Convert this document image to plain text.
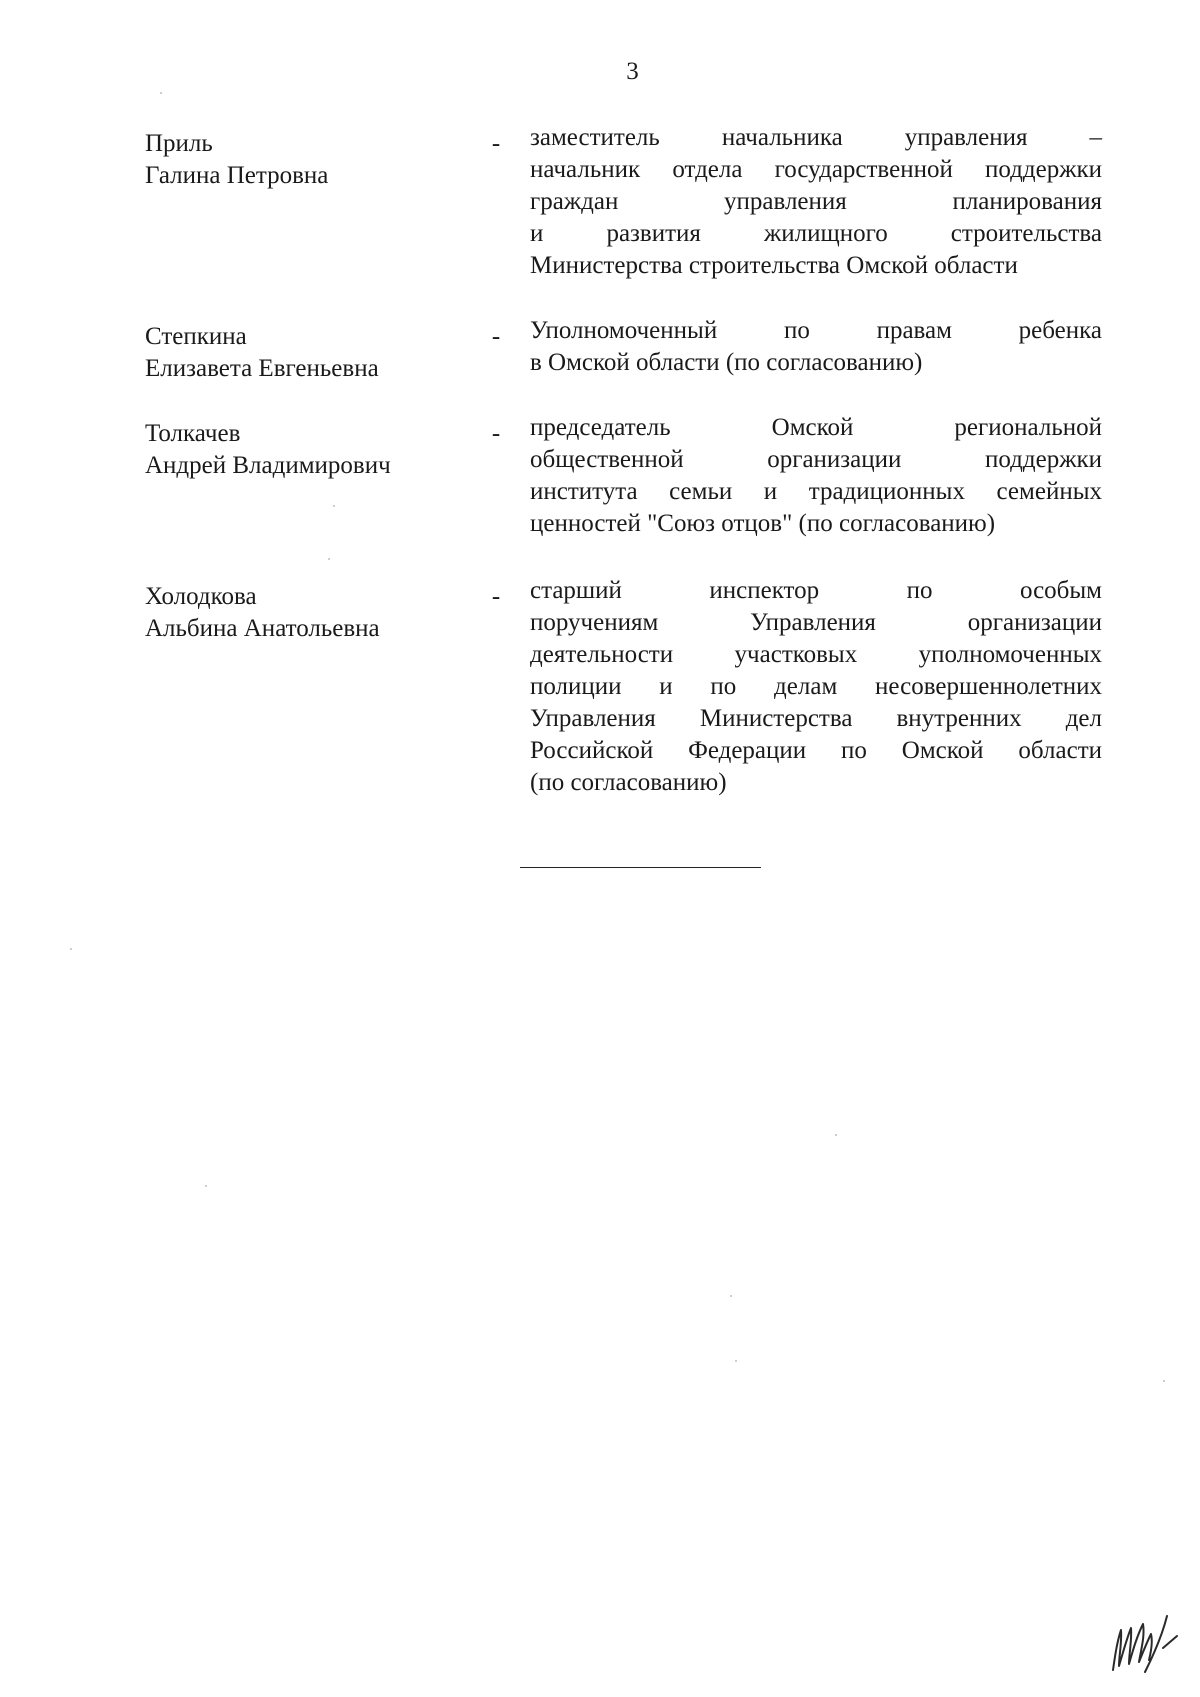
3
Приль
Галина Петровна
- заместитель начальника управления –
начальник отдела государственной поддержки
граждан управления планирования
и развития жилищного строительства
Министерства строительства Омской области
Степкина
Елизавета Евгеньевна
- Уполномоченный по правам ребенка
в Омской области (по согласованию)
Толкачев
Андрей Владимирович
- председатель Омской региональной
общественной организации поддержки
института семьи и традиционных семейных
ценностей "Союз отцов" (по согласованию)
Холодкова
Альбина Анатольевна
- старший инспектор по особым
поручениям Управления организации
деятельности участковых уполномоченных
полиции и по делам несовершеннолетних
Управления Министерства внутренних дел
Российской Федерации по Омской области
(по согласованию)
